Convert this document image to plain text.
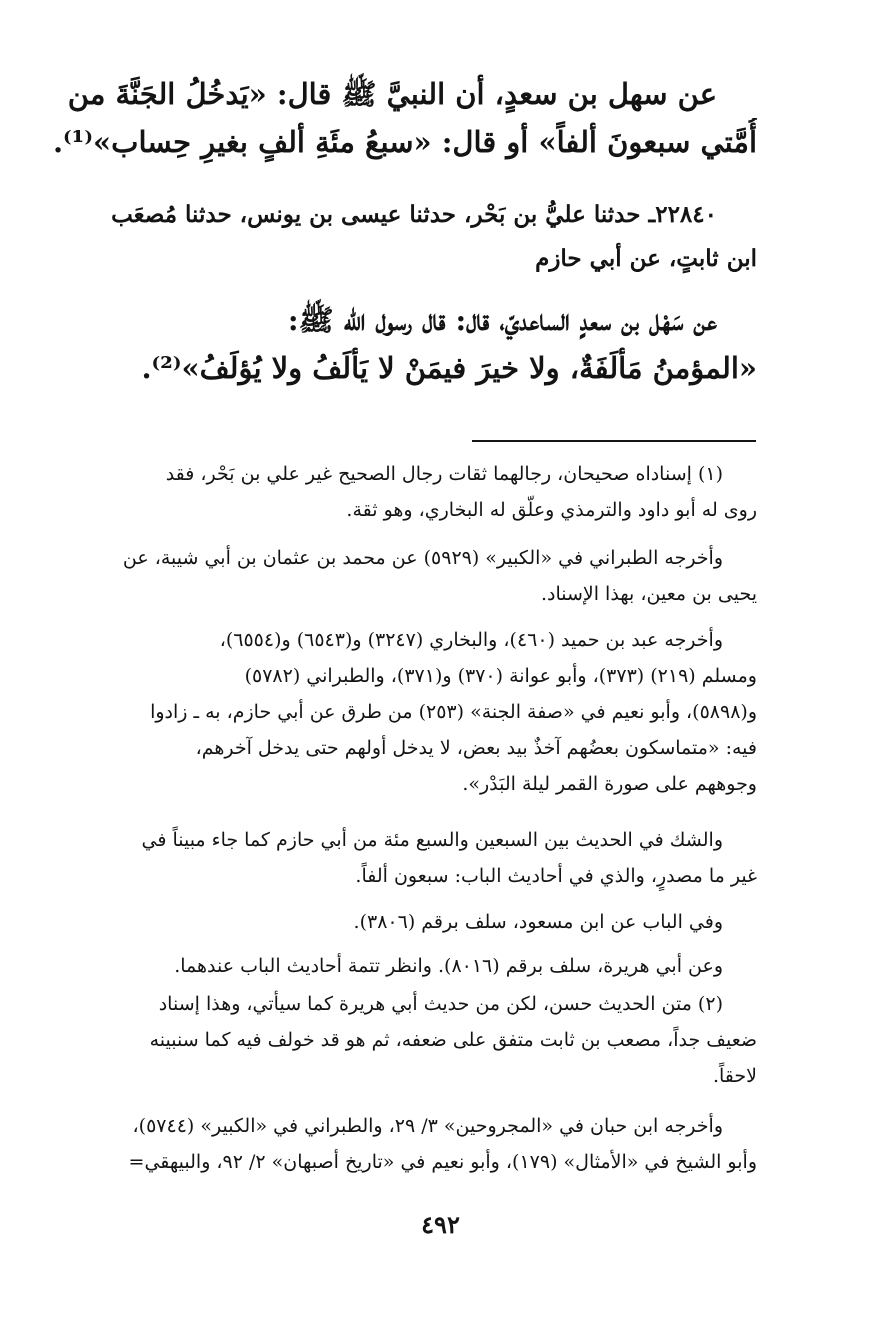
عن سهل بن سعدٍ، أن النبيَّ ﷺ قال: «يَدخُلُ الجَنَّةَ من
أُمَّتي سبعونَ ألفاً» أو قال: «سبعُ مئَةِ ألفٍ بغيرِ حِساب»⁽¹⁾.
٢٢٨٤٠ـ حدثنا عليُّ بن بَحْر، حدثنا عيسى بن يونس، حدثنا مُصعَب
ابن ثابتٍ، عن أبي حازم
عن سَهْل بن سعدٍ الساعديّ، قال: قال رسول الله ﷺ:
«المؤمنُ مَألَفَةٌ، ولا خيرَ فيمَنْ لا يَألَفُ ولا يُؤلَفُ»⁽²⁾.
(١) إسناداه صحيحان، رجالهما ثقات رجال الصحيح غير علي بن بَحْر، فقد
روى له أبو داود والترمذي وعلّق له البخاري، وهو ثقة.
وأخرجه الطبراني في «الكبير» (٥٩٢٩) عن محمد بن عثمان بن أبي شيبة، عن
يحيى بن معين، بهذا الإسناد.
وأخرجه عبد بن حميد (٤٦٠)، والبخاري (٣٢٤٧) و(٦٥٤٣) و(٦٥٥٤)،
ومسلم (٢١٩) (٣٧٣)، وأبو عوانة (٣٧٠) و(٣٧١)، والطبراني (٥٧٨٢)
و(٥٨٩٨)، وأبو نعيم في «صفة الجنة» (٢٥٣) من طرق عن أبي حازم، به ـ زادوا
فيه: «متماسكون بعضُهم آخذٌ بيد بعض، لا يدخل أولهم حتى يدخل آخرهم،
وجوههم على صورة القمر ليلة البَدْر».
والشك في الحديث بين السبعين والسبع مئة من أبي حازم كما جاء مبيناً في
غير ما مصدرٍ، والذي في أحاديث الباب: سبعون ألفاً.
وفي الباب عن ابن مسعود، سلف برقم (٣٨٠٦).
وعن أبي هريرة، سلف برقم (٨٠١٦). وانظر تتمة أحاديث الباب عندهما.
(٢) متن الحديث حسن، لكن من حديث أبي هريرة كما سيأتي، وهذا إسناد
ضعيف جداً، مصعب بن ثابت متفق على ضعفه، ثم هو قد خولف فيه كما سنبينه
لاحقاً.
وأخرجه ابن حبان في «المجروحين» ٣/ ٢٩، والطبراني في «الكبير» (٥٧٤٤)،
وأبو الشيخ في «الأمثال» (١٧٩)، وأبو نعيم في «تاريخ أصبهان» ٢/ ٩٢، والبيهقي=
٤٩٢
